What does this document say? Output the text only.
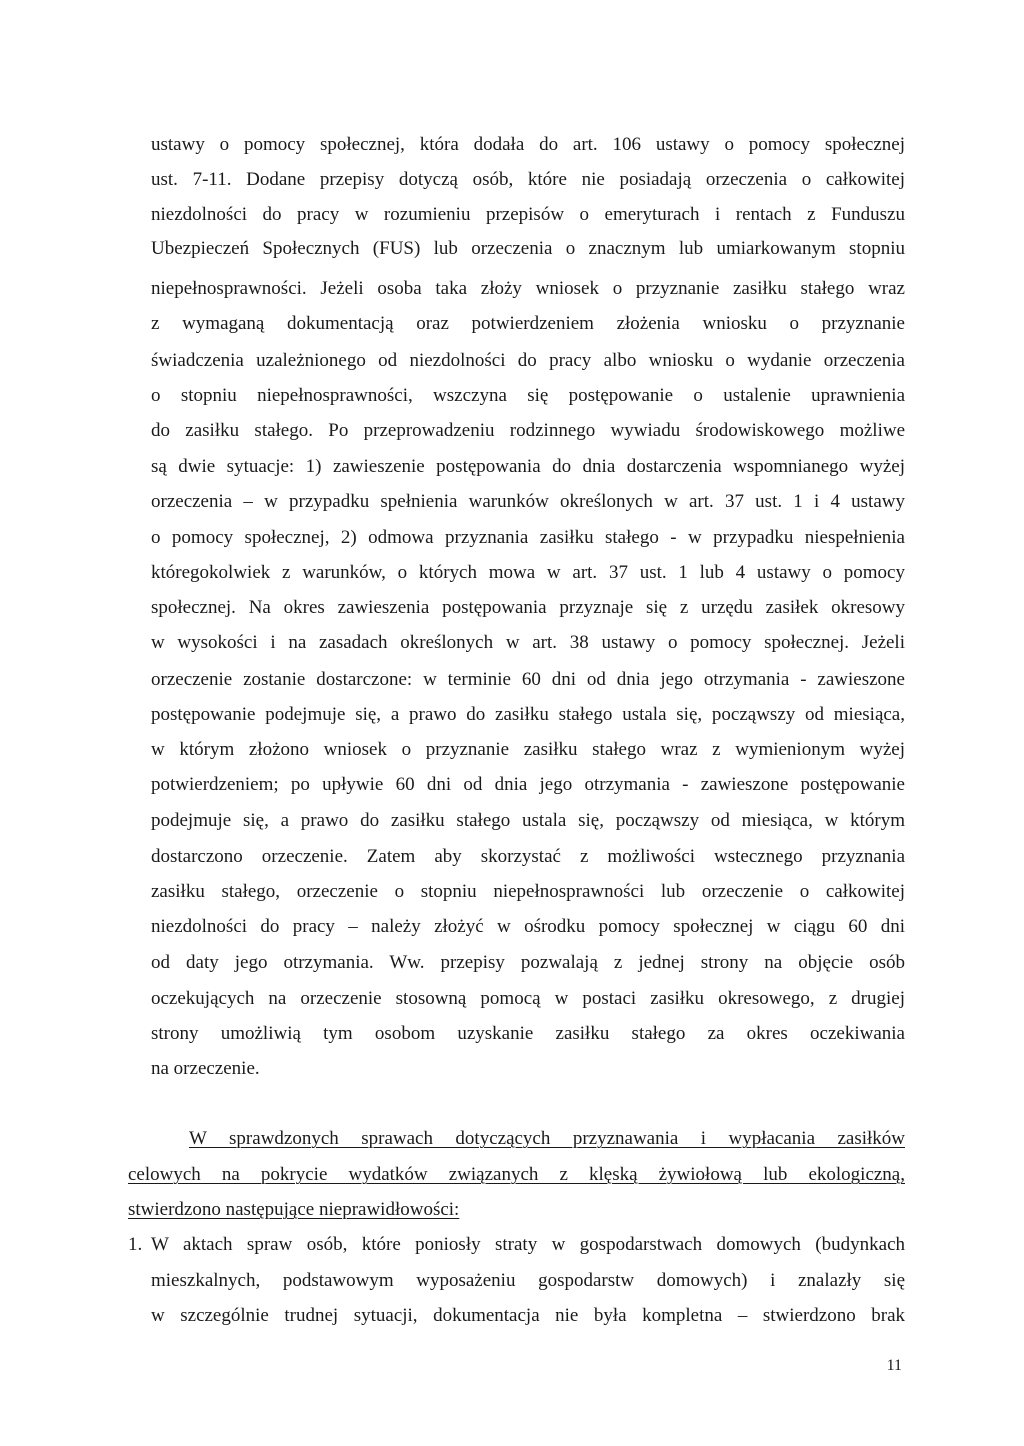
ustawy o pomocy społecznej, która dodała do art. 106 ustawy o pomocy społecznej
ust. 7-11. Dodane przepisy dotyczą osób, które nie posiadają orzeczenia o całkowitej
niezdolności do pracy w rozumieniu przepisów o emeryturach i rentach z Funduszu
Ubezpieczeń Społecznych (FUS) lub orzeczenia o znacznym lub umiarkowanym stopniu
niepełnosprawności. Jeżeli osoba taka złoży wniosek o przyznanie zasiłku stałego wraz
z wymaganą dokumentacją oraz potwierdzeniem złożenia wniosku o przyznanie
świadczenia uzależnionego od niezdolności do pracy albo wniosku o wydanie orzeczenia
o stopniu niepełnosprawności, wszczyna się postępowanie o ustalenie uprawnienia
do zasiłku stałego. Po przeprowadzeniu rodzinnego wywiadu środowiskowego możliwe
są dwie sytuacje: 1) zawieszenie postępowania do dnia dostarczenia wspomnianego wyżej
orzeczenia – w przypadku spełnienia warunków określonych w art. 37 ust. 1 i 4 ustawy
o pomocy społecznej, 2) odmowa przyznania zasiłku stałego - w przypadku niespełnienia
któregokolwiek z warunków, o których mowa w art. 37 ust. 1 lub 4 ustawy o pomocy
społecznej. Na okres zawieszenia postępowania przyznaje się z urzędu zasiłek okresowy
w wysokości i na zasadach określonych w art. 38 ustawy o pomocy społecznej. Jeżeli
orzeczenie zostanie dostarczone: w terminie 60 dni od dnia jego otrzymania - zawieszone
postępowanie podejmuje się, a prawo do zasiłku stałego ustala się, począwszy od miesiąca,
w którym złożono wniosek o przyznanie zasiłku stałego wraz z wymienionym wyżej
potwierdzeniem; po upływie 60 dni od dnia jego otrzymania - zawieszone postępowanie
podejmuje się, a prawo do zasiłku stałego ustala się, począwszy od miesiąca, w którym
dostarczono orzeczenie. Zatem aby skorzystać z możliwości wstecznego przyznania
zasiłku stałego, orzeczenie o stopniu niepełnosprawności lub orzeczenie o całkowitej
niezdolności do pracy – należy złożyć w ośrodku pomocy społecznej w ciągu 60 dni
od daty jego otrzymania. Ww. przepisy pozwalają z jednej strony na objęcie osób
oczekujących na orzeczenie stosowną pomocą w postaci zasiłku okresowego, z drugiej
strony umożliwią tym osobom uzyskanie zasiłku stałego za okres oczekiwania
na orzeczenie.
W sprawdzonych sprawach dotyczących przyznawania i wypłacania zasiłków
celowych na pokrycie wydatków związanych z klęską żywiołową lub ekologiczną,
stwierdzono następujące nieprawidłowości:
1. W aktach spraw osób, które poniosły straty w gospodarstwach domowych (budynkach
mieszkalnych, podstawowym wyposażeniu gospodarstw domowych) i znalazły się
w szczególnie trudnej sytuacji, dokumentacja nie była kompletna – stwierdzono brak
11
